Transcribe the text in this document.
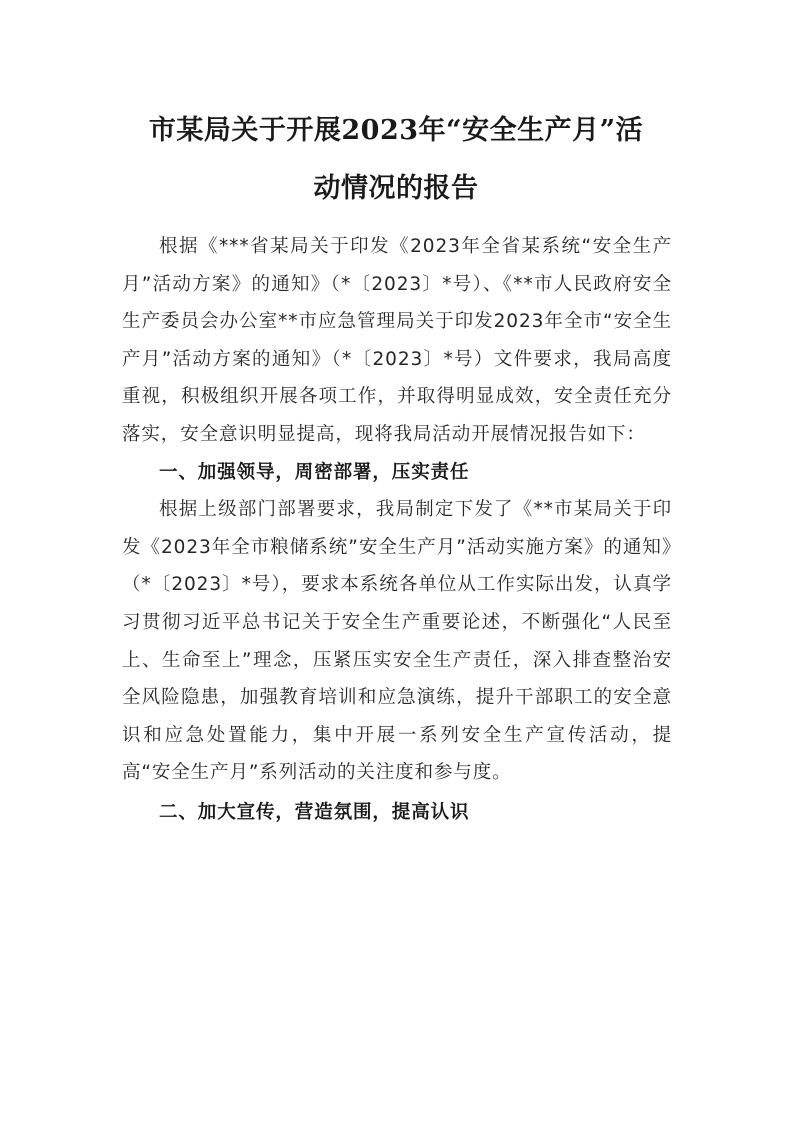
市某局关于开展2023年“安全生产月”活
动情况的报告

根据《***省某局关于印发《2023年全省某系统“安全生产月”活动方案》的通知》（*〔2023〕*号）、《**市人民政府安全生产委员会办公室**市应急管理局关于印发2023年全市“安全生产月”活动方案的通知》（*〔2023〕*号）文件要求，我局高度重视，积极组织开展各项工作，并取得明显成效，安全责任充分落实，安全意识明显提高，现将我局活动开展情况报告如下：

一、加强领导，周密部署，压实责任

根据上级部门部署要求，我局制定下发了《**市某局关于印发《2023年全市粮储系统”安全生产月”活动实施方案》的通知》（*〔2023〕*号），要求本系统各单位从工作实际出发，认真学习贯彻习近平总书记关于安全生产重要论述，不断强化“人民至上、生命至上”理念，压紧压实安全生产责任，深入排查整治安全风险隐患，加强教育培训和应急演练，提升干部职工的安全意识和应急处置能力，集中开展一系列安全生产宣传活动，提高“安全生产月”系列活动的关注度和参与度。

二、加大宣传，营造氛围，提高认识
